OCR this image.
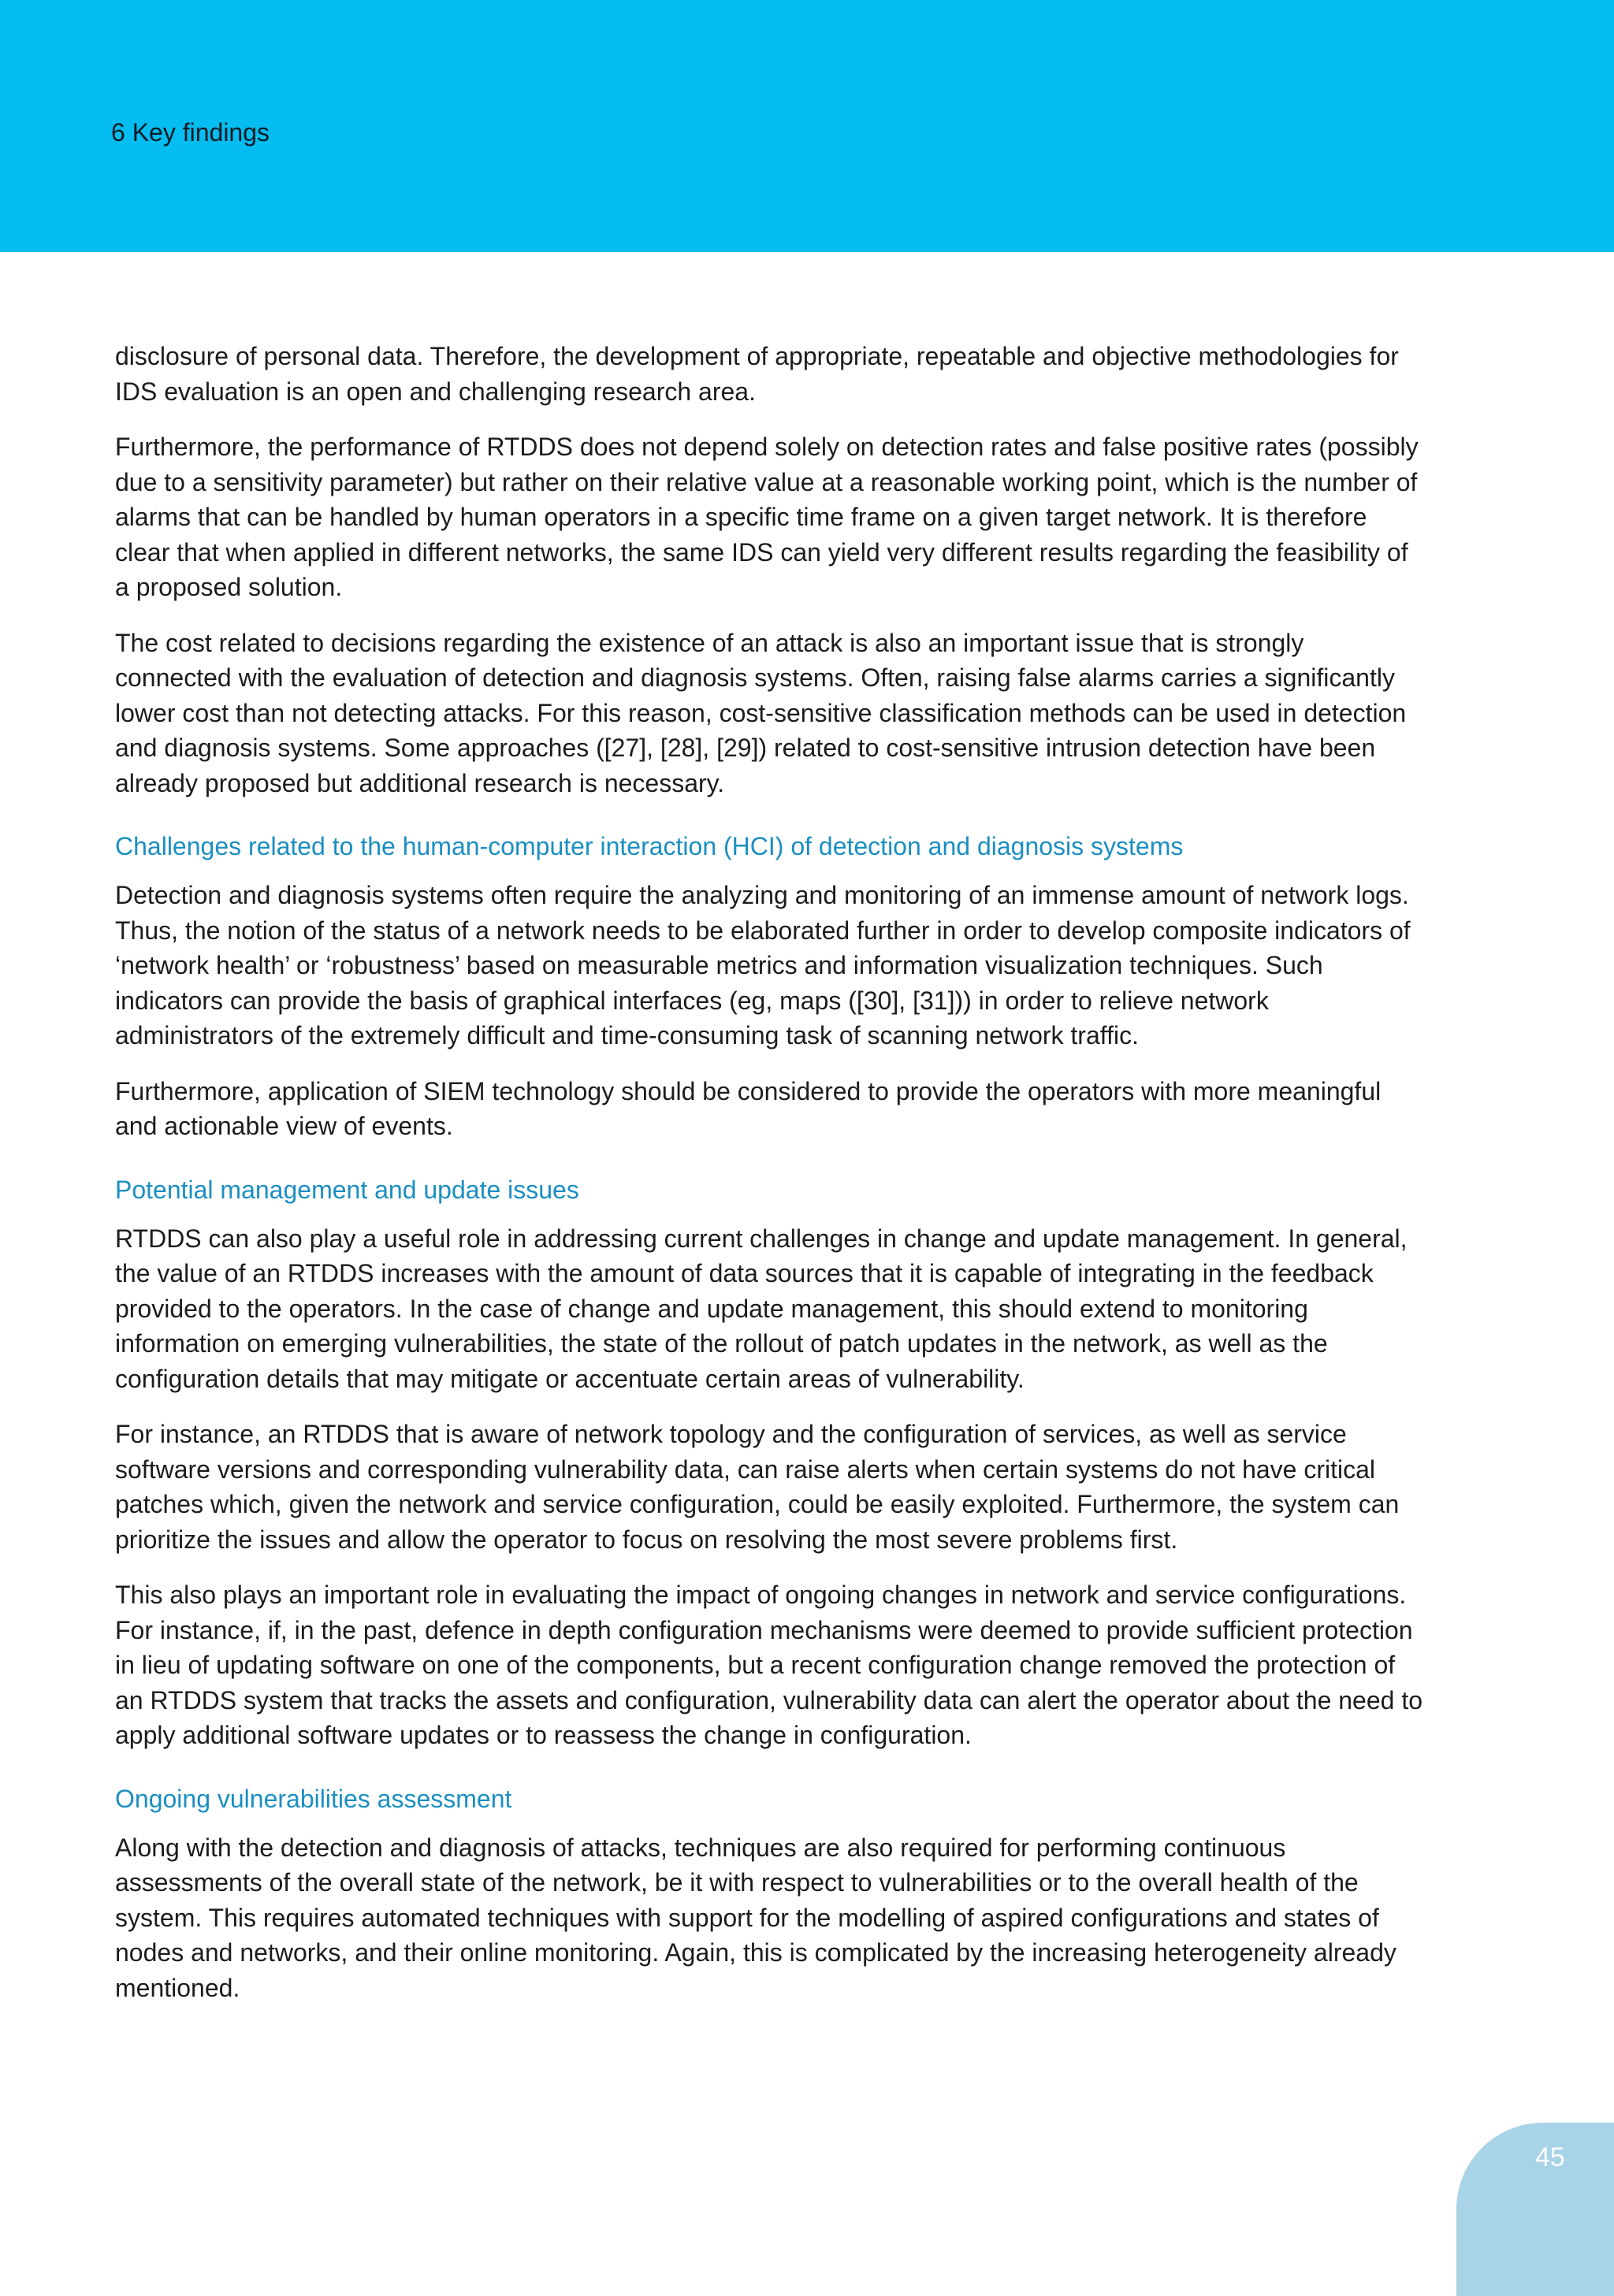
6 Key findings

disclosure of personal data. Therefore, the development of appropriate, repeatable and objective methodologies for IDS evaluation is an open and challenging research area.

Furthermore, the performance of RTDDS does not depend solely on detection rates and false positive rates (possibly due to a sensitivity parameter) but rather on their relative value at a reasonable working point, which is the number of alarms that can be handled by human operators in a specific time frame on a given target network. It is therefore clear that when applied in different networks, the same IDS can yield very different results regarding the feasibility of a proposed solution.

The cost related to decisions regarding the existence of an attack is also an important issue that is strongly connected with the evaluation of detection and diagnosis systems. Often, raising false alarms carries a significantly lower cost than not detecting attacks. For this reason, cost-sensitive classification methods can be used in detection and diagnosis systems. Some approaches ([27], [28], [29]) related to cost-sensitive intrusion detection have been already proposed but additional research is necessary.

Challenges related to the human-computer interaction (HCI) of detection and diagnosis systems

Detection and diagnosis systems often require the analyzing and monitoring of an immense amount of network logs. Thus, the notion of the status of a network needs to be elaborated further in order to develop composite indicators of ‘network health’ or ‘robustness’ based on measurable metrics and information visualization techniques. Such indicators can provide the basis of graphical interfaces (eg, maps ([30], [31])) in order to relieve network administrators of the extremely difficult and time-consuming task of scanning network traffic.

Furthermore, application of SIEM technology should be considered to provide the operators with more meaningful and actionable view of events.

Potential management and update issues

RTDDS can also play a useful role in addressing current challenges in change and update management. In general, the value of an RTDDS increases with the amount of data sources that it is capable of integrating in the feedback provided to the operators. In the case of change and update management, this should extend to monitoring information on emerging vulnerabilities, the state of the rollout of patch updates in the network, as well as the configuration details that may mitigate or accentuate certain areas of vulnerability.

For instance, an RTDDS that is aware of network topology and the configuration of services, as well as service software versions and corresponding vulnerability data, can raise alerts when certain systems do not have critical patches which, given the network and service configuration, could be easily exploited. Furthermore, the system can prioritize the issues and allow the operator to focus on resolving the most severe problems first.

This also plays an important role in evaluating the impact of ongoing changes in network and service configurations. For instance, if, in the past, defence in depth configuration mechanisms were deemed to provide sufficient protection in lieu of updating software on one of the components, but a recent configuration change removed the protection of an RTDDS system that tracks the assets and configuration, vulnerability data can alert the operator about the need to apply additional software updates or to reassess the change in configuration.

Ongoing vulnerabilities assessment

Along with the detection and diagnosis of attacks, techniques are also required for performing continuous assessments of the overall state of the network, be it with respect to vulnerabilities or to the overall health of the system. This requires automated techniques with support for the modelling of aspired configurations and states of nodes and networks, and their online monitoring. Again, this is complicated by the increasing heterogeneity already mentioned.

45
